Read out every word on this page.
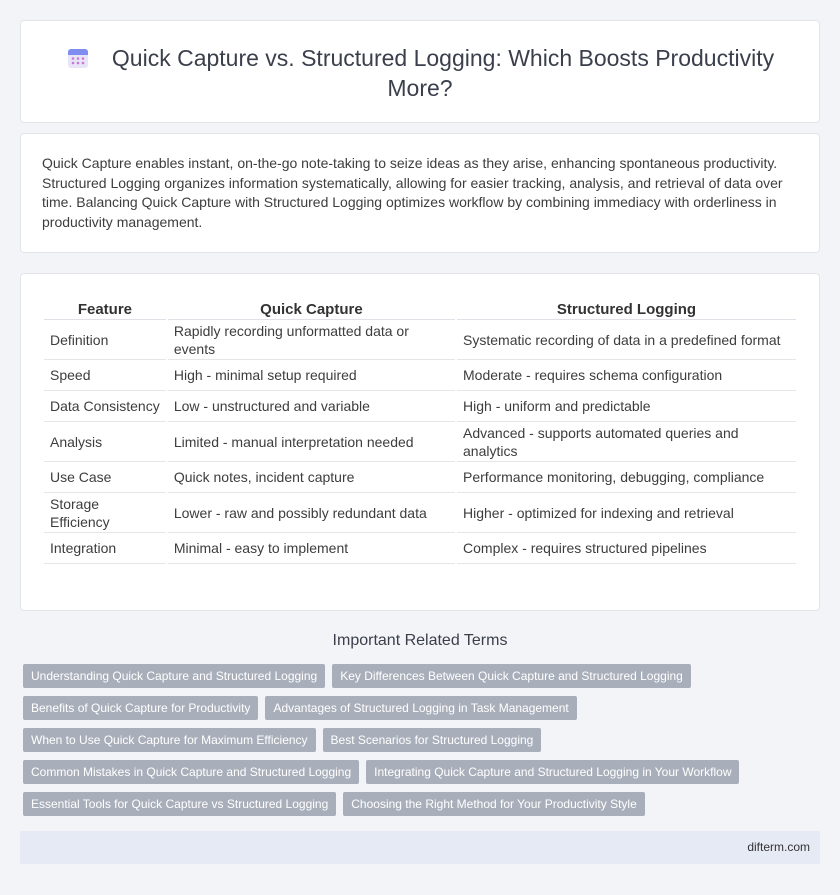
Quick Capture vs. Structured Logging: Which Boosts Productivity More?

Quick Capture enables instant, on-the-go note-taking to seize ideas as they arise, enhancing spontaneous productivity. Structured Logging organizes information systematically, allowing for easier tracking, analysis, and retrieval of data over time. Balancing Quick Capture with Structured Logging optimizes workflow by combining immediacy with orderliness in productivity management.

Feature	Quick Capture	Structured Logging
Definition	Rapidly recording unformatted data or events	Systematic recording of data in a predefined format
Speed	High - minimal setup required	Moderate - requires schema configuration
Data Consistency	Low - unstructured and variable	High - uniform and predictable
Analysis	Limited - manual interpretation needed	Advanced - supports automated queries and analytics
Use Case	Quick notes, incident capture	Performance monitoring, debugging, compliance
Storage Efficiency	Lower - raw and possibly redundant data	Higher - optimized for indexing and retrieval
Integration	Minimal - easy to implement	Complex - requires structured pipelines
Important Related Terms
Understanding Quick Capture and Structured Logging	Key Differences Between Quick Capture and Structured Logging
Benefits of Quick Capture for Productivity	Advantages of Structured Logging in Task Management
When to Use Quick Capture for Maximum Efficiency	Best Scenarios for Structured Logging
Common Mistakes in Quick Capture and Structured Logging	Integrating Quick Capture and Structured Logging in Your Workflow
Essential Tools for Quick Capture vs Structured Logging	Choosing the Right Method for Your Productivity Style
difterm.com
